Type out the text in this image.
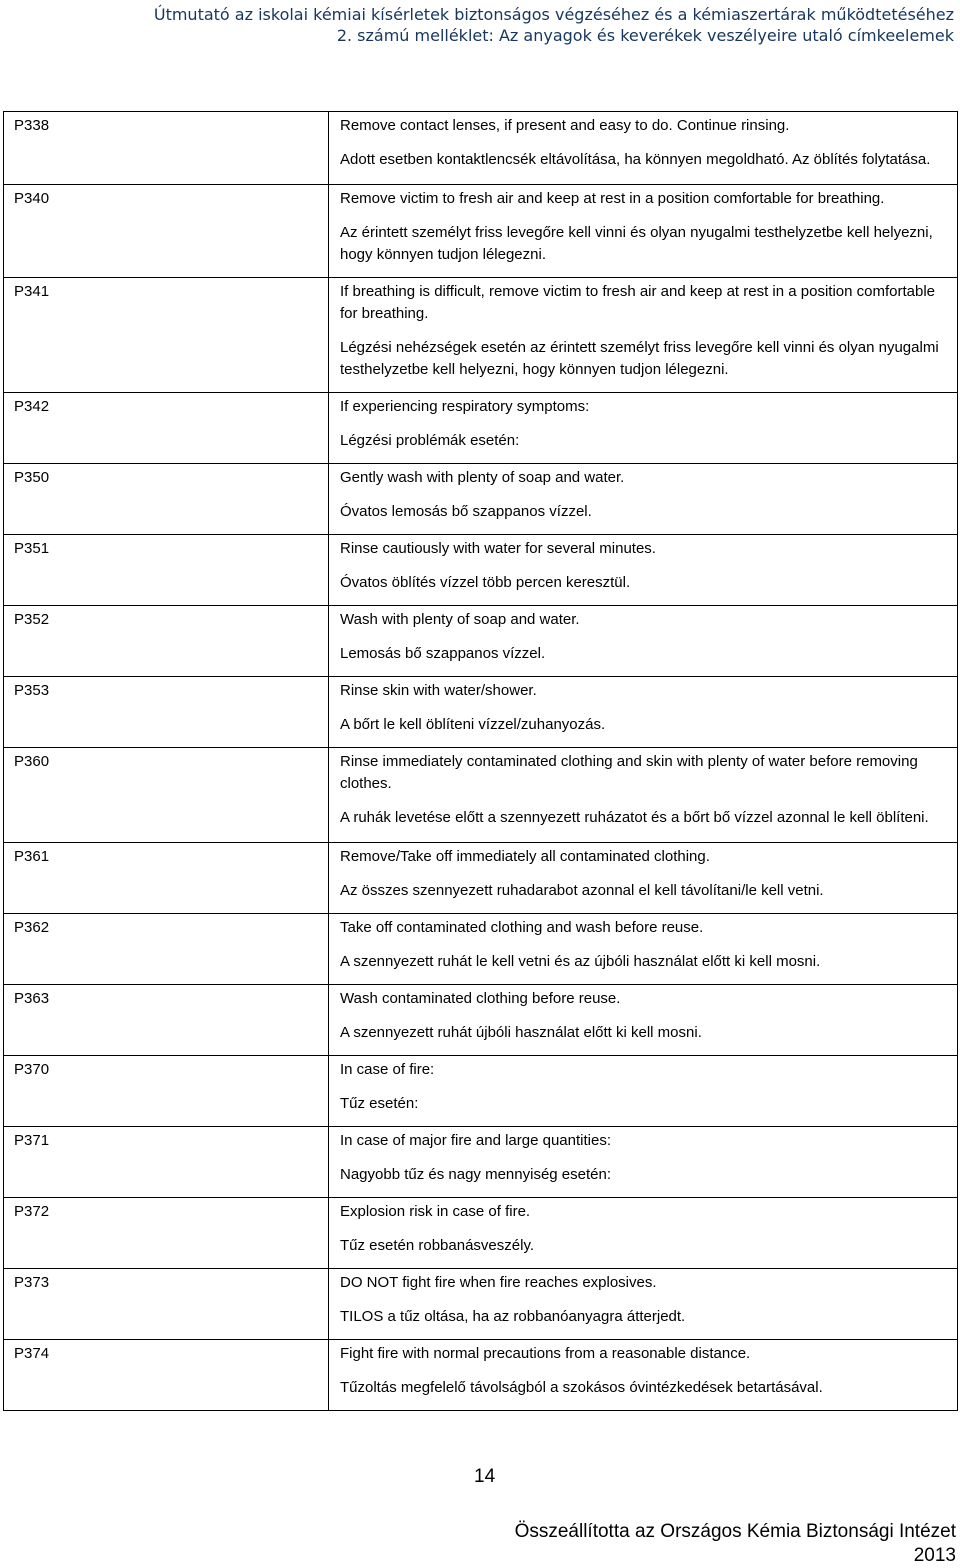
Útmutató az iskolai kémiai kísérletek biztonságos végzéséhez és a kémiaszertárak működtetéséhez
2. számú melléklet: Az anyagok és keverékek veszélyeire utaló címkeelemek
P338	Remove contact lenses, if present and easy to do. Continue rinsing.

Adott esetben kontaktlencsék eltávolítása, ha könnyen megoldható. Az öblítés folytatása.

P340	Remove victim to fresh air and keep at rest in a position comfortable for breathing.

Az érintett személyt friss levegőre kell vinni és olyan nyugalmi testhelyzetbe kell helyezni, hogy könnyen tudjon lélegezni.

P341	If breathing is difficult, remove victim to fresh air and keep at rest in a position comfortable for breathing.

Légzési nehézségek esetén az érintett személyt friss levegőre kell vinni és olyan nyugalmi testhelyzetbe kell helyezni, hogy könnyen tudjon lélegezni.

P342	If experiencing respiratory symptoms:

Légzési problémák esetén:

P350	Gently wash with plenty of soap and water.

Óvatos lemosás bő szappanos vízzel.

P351	Rinse cautiously with water for several minutes.

Óvatos öblítés vízzel több percen keresztül.

P352	Wash with plenty of soap and water.

Lemosás bő szappanos vízzel.

P353	Rinse skin with water/shower.

A bőrt le kell öblíteni vízzel/zuhanyozás.

P360	Rinse immediately contaminated clothing and skin with plenty of water before removing clothes.

A ruhák levetése előtt a szennyezett ruházatot és a bőrt bő vízzel azonnal le kell öblíteni.

P361	Remove/Take off immediately all contaminated clothing.

Az összes szennyezett ruhadarabot azonnal el kell távolítani/le kell vetni.

P362	Take off contaminated clothing and wash before reuse.

A szennyezett ruhát le kell vetni és az újbóli használat előtt ki kell mosni.

P363	Wash contaminated clothing before reuse.

A szennyezett ruhát újbóli használat előtt ki kell mosni.

P370	In case of fire:

Tűz esetén:

P371	In case of major fire and large quantities:

Nagyobb tűz és nagy mennyiség esetén:

P372	Explosion risk in case of fire.

Tűz esetén robbanásveszély.

P373	DO NOT fight fire when fire reaches explosives.

TILOS a tűz oltása, ha az robbanóanyagra átterjedt.

P374	Fight fire with normal precautions from a reasonable distance.

Tűzoltás megfelelő távolságból a szokásos óvintézkedések betartásával.

14
Összeállította az Országos Kémia Biztonsági Intézet
2013
